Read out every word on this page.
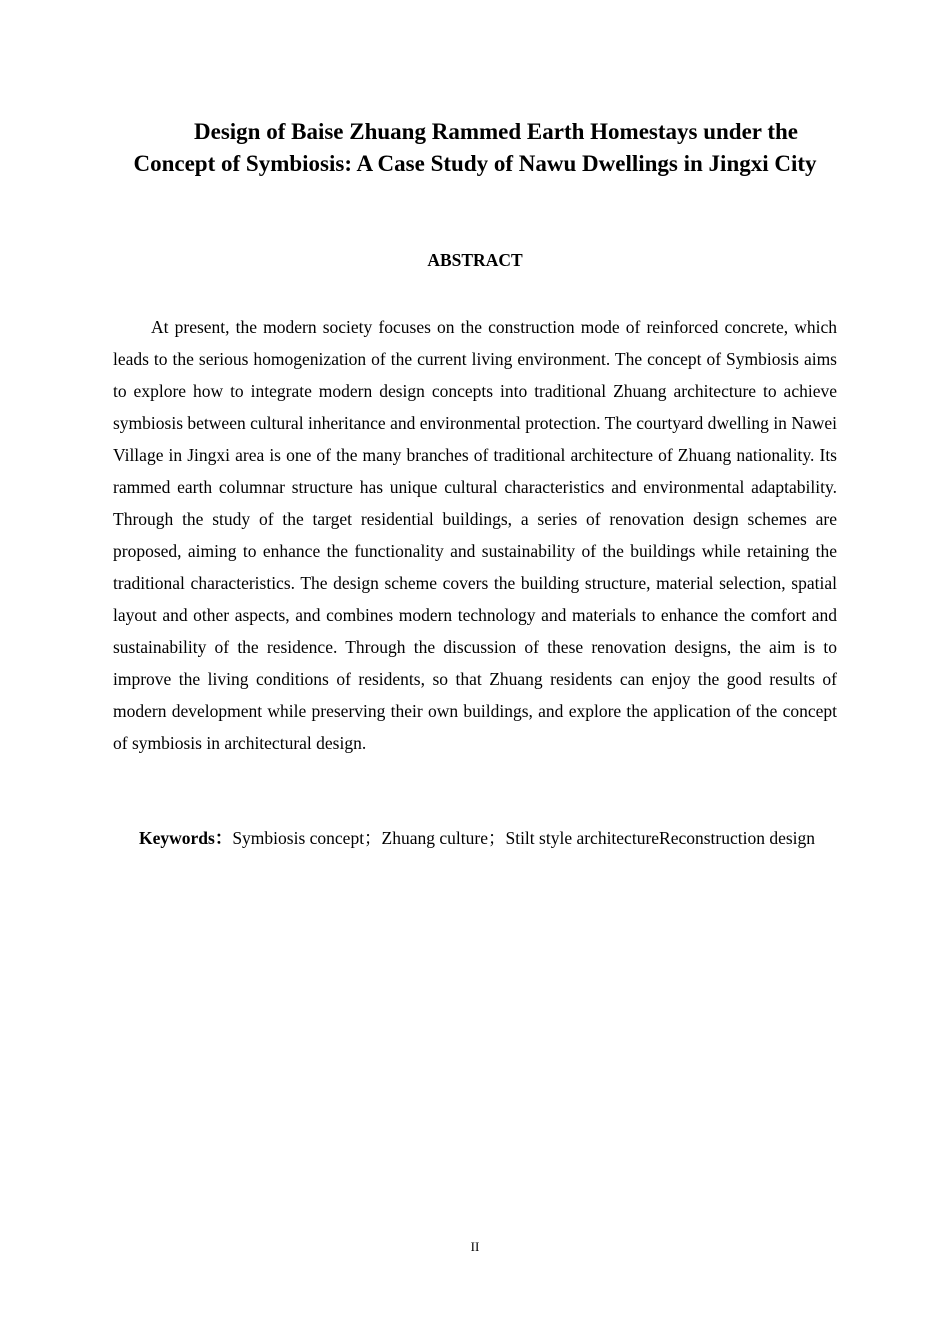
Design of Baise Zhuang Rammed Earth Homestays under the Concept of Symbiosis: A Case Study of Nawu Dwellings in Jingxi City
ABSTRACT

At present, the modern society focuses on the construction mode of reinforced concrete, which leads to the serious homogenization of the current living environment. The concept of Symbiosis aims to explore how to integrate modern design concepts into traditional Zhuang architecture to achieve symbiosis between cultural inheritance and environmental protection. The courtyard dwelling in Nawei Village in Jingxi area is one of the many branches of traditional architecture of Zhuang nationality. Its rammed earth columnar structure has unique cultural characteristics and environmental adaptability. Through the study of the target residential buildings, a series of renovation design schemes are proposed, aiming to enhance the functionality and sustainability of the buildings while retaining the traditional characteristics. The design scheme covers the building structure, material selection, spatial layout and other aspects, and combines modern technology and materials to enhance the comfort and sustainability of the residence. Through the discussion of these renovation designs, the aim is to improve the living conditions of residents, so that Zhuang residents can enjoy the good results of modern development while preserving their own buildings, and explore the application of the concept of symbiosis in architectural design.

Keywords：Symbiosis concept；Zhuang culture；Stilt style architectureReconstruction design

II
